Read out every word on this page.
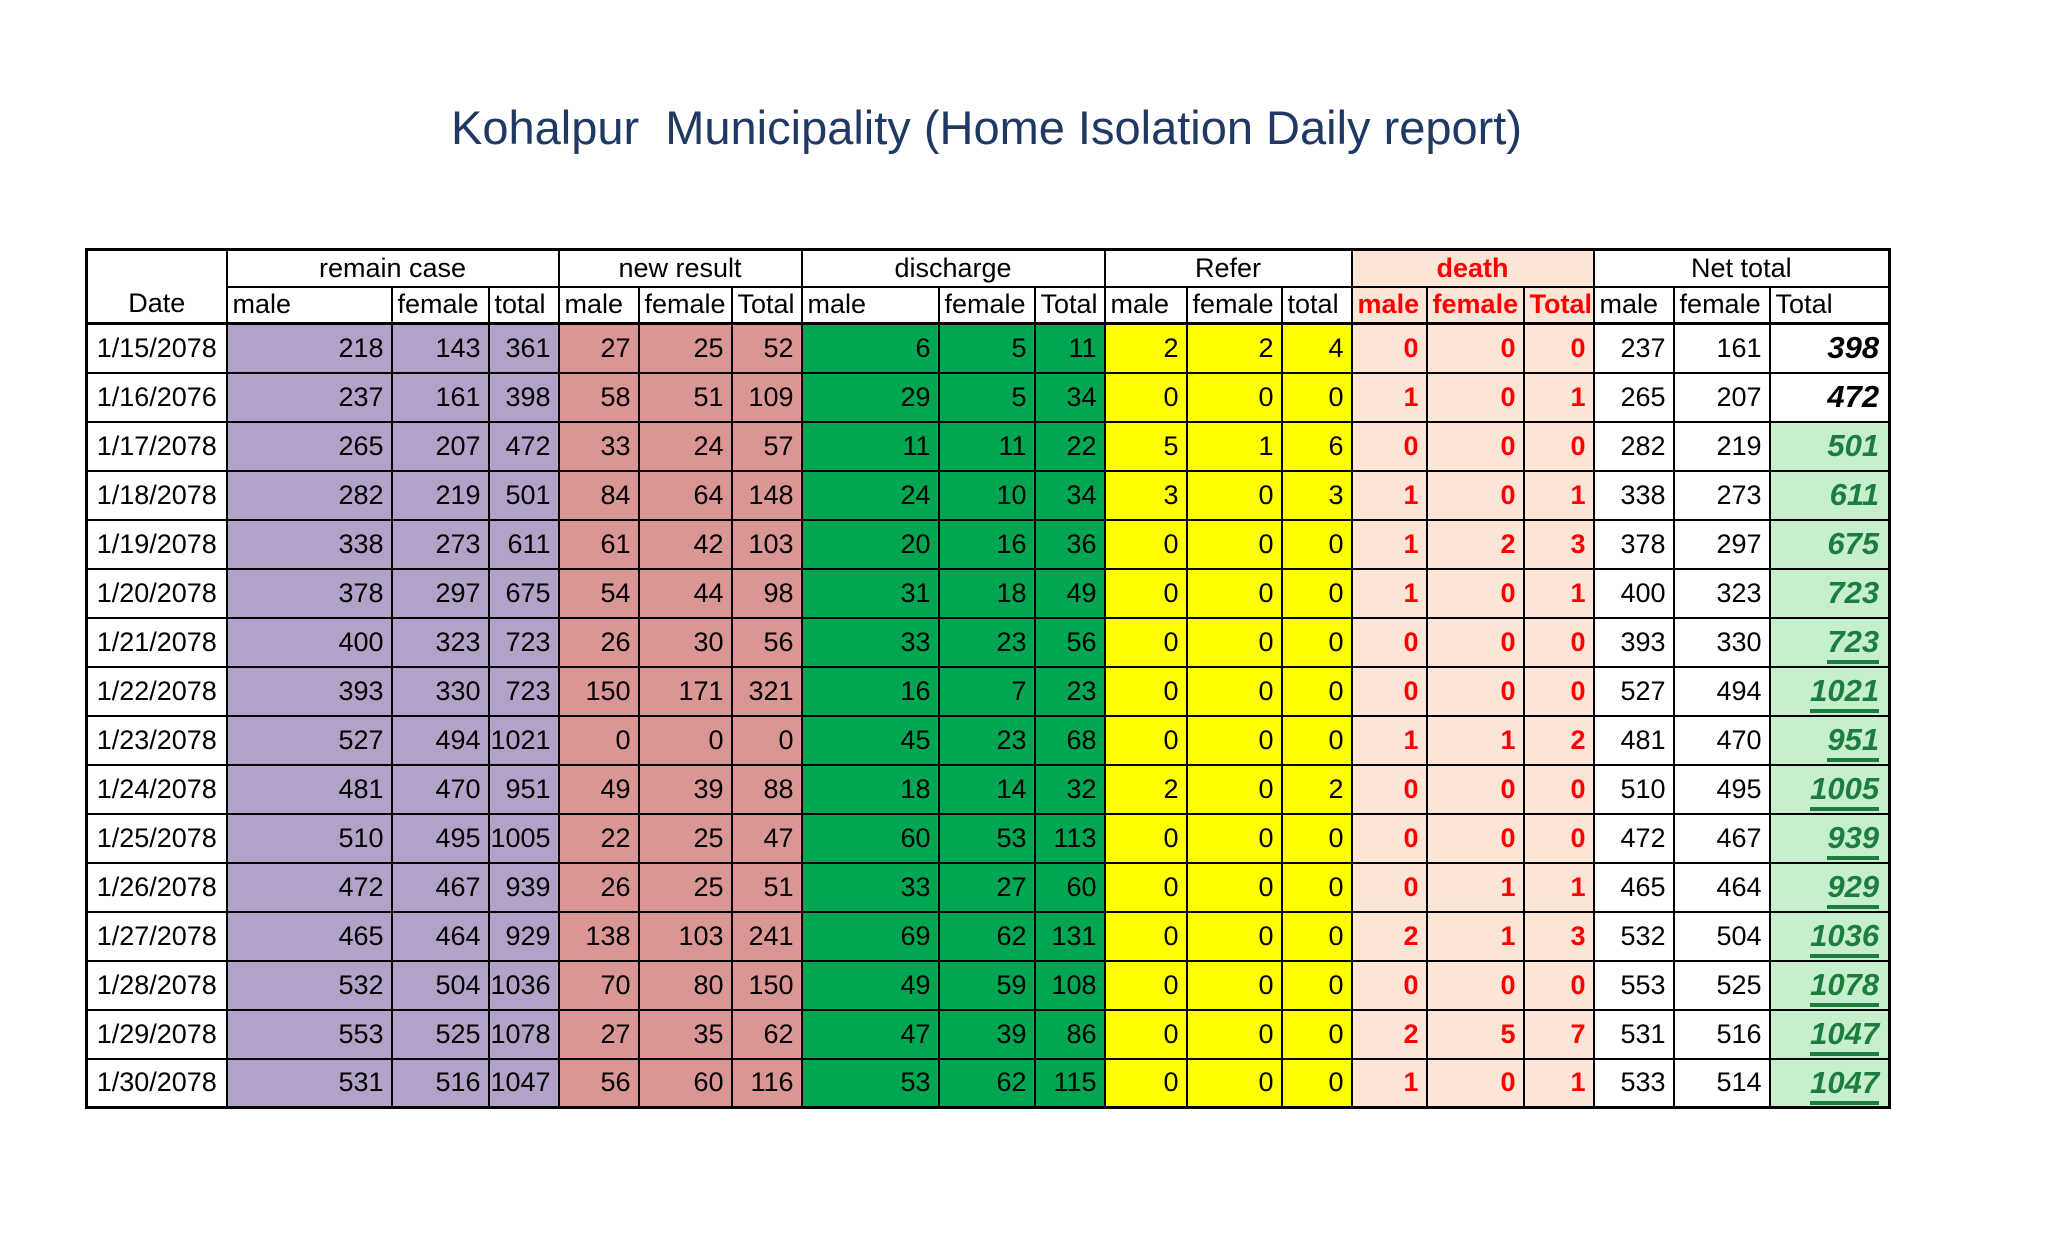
Kohalpur  Municipality (Home Isolation Daily report)
Date	remain case			new result			discharge			Refer			death			Net total		
	male	female	total	male	female	Total	male	female	Total	male	female	total	male	female	Total	male	female	Total
1/15/2078	218	143	361	27	25	52	6	5	11	2	2	4	0	0	0	237	161	398
1/16/2076	237	161	398	58	51	109	29	5	34	0	0	0	1	0	1	265	207	472
1/17/2078	265	207	472	33	24	57	11	11	22	5	1	6	0	0	0	282	219	501
1/18/2078	282	219	501	84	64	148	24	10	34	3	0	3	1	0	1	338	273	611
1/19/2078	338	273	611	61	42	103	20	16	36	0	0	0	1	2	3	378	297	675
1/20/2078	378	297	675	54	44	98	31	18	49	0	0	0	1	0	1	400	323	723
1/21/2078	400	323	723	26	30	56	33	23	56	0	0	0	0	0	0	393	330	723
1/22/2078	393	330	723	150	171	321	16	7	23	0	0	0	0	0	0	527	494	1021
1/23/2078	527	494	1021	0	0	0	45	23	68	0	0	0	1	1	2	481	470	951
1/24/2078	481	470	951	49	39	88	18	14	32	2	0	2	0	0	0	510	495	1005
1/25/2078	510	495	1005	22	25	47	60	53	113	0	0	0	0	0	0	472	467	939
1/26/2078	472	467	939	26	25	51	33	27	60	0	0	0	0	1	1	465	464	929
1/27/2078	465	464	929	138	103	241	69	62	131	0	0	0	2	1	3	532	504	1036
1/28/2078	532	504	1036	70	80	150	49	59	108	0	0	0	0	0	0	553	525	1078
1/29/2078	553	525	1078	27	35	62	47	39	86	0	0	0	2	5	7	531	516	1047
1/30/2078	531	516	1047	56	60	116	53	62	115	0	0	0	1	0	1	533	514	1047
